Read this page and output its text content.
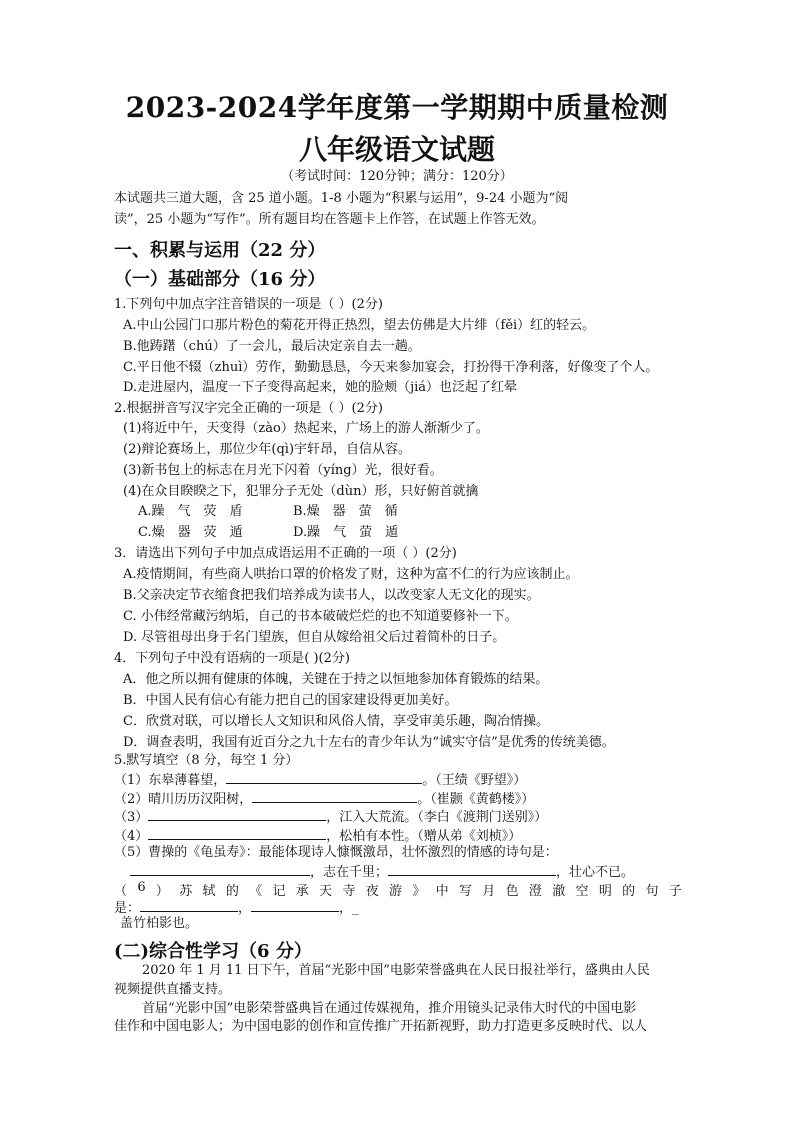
2023-2024学年度第一学期期中质量检测
八年级语文试题
（考试时间：120分钟；满分：120分）
本试题共三道大题，含 25 道小题。1-8 小题为“积累与运用”，9-24 小题为“阅
读”，25 小题为“写作”。所有题目均在答题卡上作答，在试题上作答无效。
一、积累与运用（22 分）
（一）基础部分（16 分）
1.下列句中加点字注音错误的一项是（ ）(2分)
A.中山公园门口那片粉色的菊花开得正热烈，望去仿佛是大片绯（fěi）红的轻云。
B.他踌躇（chú）了一会儿，最后决定亲自去一趟。
C.平日他不辍（zhuì）劳作，勤勤恳恳，今天来参加宴会，打扮得干净利落，好像变了个人。
D.走进屋内，温度一下子变得高起来，她的脸颊（jiá）也泛起了红晕
2.根据拼音写汉字完全正确的一项是（ ）(2分)
(1)将近中午，天变得（zào）热起来，广场上的游人渐渐少了。
(2)辩论赛场上，那位少年(qì)宇轩昂，自信从容。
(3)新书包上的标志在月光下闪着（yíng）光，很好看。
(4)在众目睽睽之下，犯罪分子无处（dùn）形，只好俯首就擒
A.躁　气　荧　盾	B.燥　器　萤　循
C.燥　器　荧　遁	D.躁　气　萤　遁
3．请选出下列句子中加点成语运用不正确的一项（ ）(2分)
A.疫情期间，有些商人哄抬口罩的价格发了财，这种为富不仁的行为应该制止。
B.父亲决定节衣缩食把我们培养成为读书人，以改变家人无文化的现实。
C. 小伟经常藏污纳垢，自己的书本破破烂烂的也不知道要修补一下。
D. 尽管祖母出身于名门望族，但自从嫁给祖父后过着简朴的日子。
4．下列句子中没有语病的一项是( )(2分)
A．他之所以拥有健康的体魄，关键在于持之以恒地参加体育锻炼的结果。
B．中国人民有信心有能力把自己的国家建设得更加美好。
C．欣赏对联，可以增长人文知识和风俗人情，享受审美乐趣，陶冶情操。
D．调查表明，我国有近百分之九十左右的青少年认为“诚实守信”是优秀的传统美德。
5.默写填空（8 分，每空 1 分）
（1）东皋薄暮望，	。（王绩《野望》）
（2）晴川历历汉阳树，	。（崔颢《黄鹤楼》）
（3）	，江入大荒流。（李白《渡荆门送别》）
（4）	，松柏有本性。（赠从弟《刘桢》）
（5）曹操的《龟虽寿》：最能体现诗人慷慨激昂，壮怀激烈的情感的诗句是：
，志在千里；	，壮心不已。
（ 6 ） 苏 轼 的 《 记 承 天 寺 夜 游 》 中 写 月 色 澄 澈 空 明 的 句 子
是：	，	，_
盖竹柏影也。
(二)综合性学习（6 分）
2020 年 1 月 11 日下午，首届“光影中国”电影荣誉盛典在人民日报社举行，盛典由人民
视频提供直播支持。
首届“光影中国”电影荣誉盛典旨在通过传媒视角，推介用镜头记录伟大时代的中国电影
佳作和中国电影人；为中国电影的创作和宣传推广开拓新视野，助力打造更多反映时代、以人
